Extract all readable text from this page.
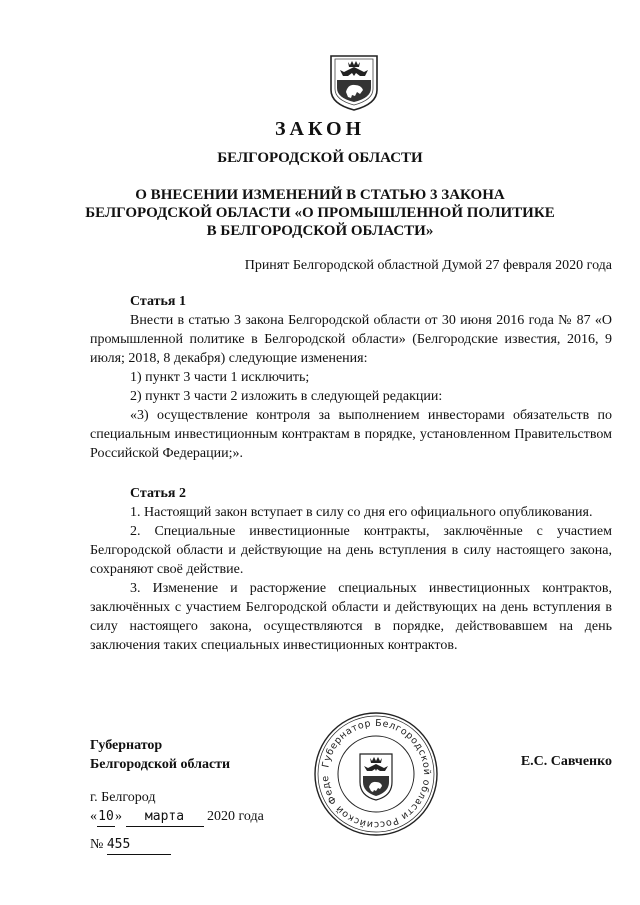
ЗАКОН
БЕЛГОРОДСКОЙ ОБЛАСТИ
О ВНЕСЕНИИ ИЗМЕНЕНИЙ В СТАТЬЮ 3 ЗАКОНА
БЕЛГОРОДСКОЙ ОБЛАСТИ «О ПРОМЫШЛЕННОЙ ПОЛИТИКЕ
В БЕЛГОРОДСКОЙ ОБЛАСТИ»
Принят Белгородской областной Думой 27 февраля 2020 года
Статья 1

Внести в статью 3 закона Белгородской области от 30 июня 2016 года № 87 «О промышленной политике в Белгородской области» (Белгородские известия, 2016, 9 июля; 2018, 8 декабря) следующие изменения:

1) пункт 3 части 1 исключить;

2) пункт 3 части 2 изложить в следующей редакции:

«3) осуществление контроля за выполнением инвесторами обязательств по специальным инвестиционным контрактам в порядке, установленном Правительством Российской Федерации;».

Статья 2

1. Настоящий закон вступает в силу со дня его официального опубликования.

2. Специальные инвестиционные контракты, заключённые с участием Белгородской области и действующие на день вступления в силу настоящего закона, сохраняют своё действие.

3. Изменение и расторжение специальных инвестиционных контрактов, заключённых с участием Белгородской области и действующих на день вступления в силу настоящего закона, осуществляются в порядке, действовавшем на день заключения таких специальных инвестиционных контрактов.

Губернатор
Белгородской области	Е.С. Савченко
Губернатор Белгородской области Российской Феде
г. Белгород
«10» марта 2020 года
№ 455
